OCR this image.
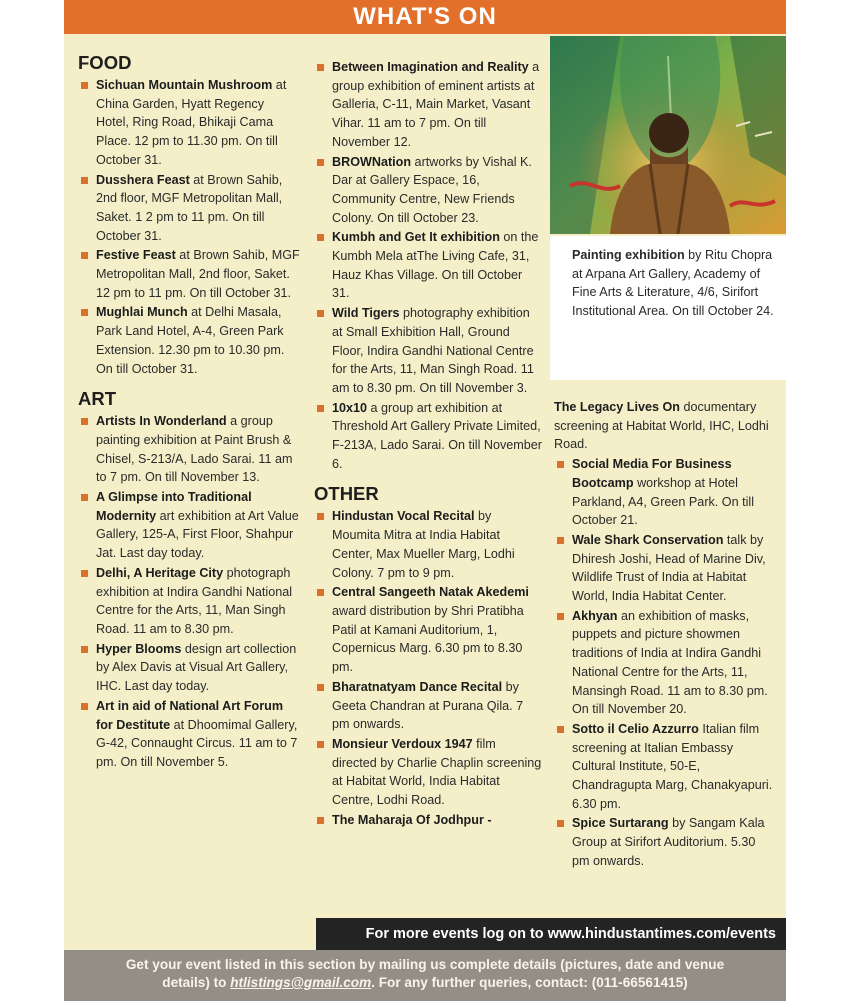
WHAT'S ON
FOOD
Sichuan Mountain Mushroom at China Garden, Hyatt Regency Hotel, Ring Road, Bhikaji Cama Place. 12 pm to 11.30 pm. On till October 31.
Dusshera Feast at Brown Sahib, 2nd floor, MGF Metropolitan Mall, Saket. 1 2 pm to 11 pm. On till October 31.
Festive Feast at Brown Sahib, MGF Metropolitan Mall, 2nd floor, Saket. 12 pm to 11 pm. On till October 31.
Mughlai Munch at Delhi Masala, Park Land Hotel, A-4, Green Park Extension. 12.30 pm to 10.30 pm. On till October 31.
ART
Artists In Wonderland a group painting exhibition at Paint Brush & Chisel, S-213/A, Lado Sarai. 11 am to 7 pm. On till November 13.
A Glimpse into Traditional Modernity art exhibition at Art Value Gallery, 125-A, First Floor, Shahpur Jat. Last day today.
Delhi, A Heritage City photograph exhibition at Indira Gandhi National Centre for the Arts, 11, Man Singh Road. 11 am to 8.30 pm.
Hyper Blooms design art collection by Alex Davis at Visual Art Gallery, IHC. Last day today.
Art in aid of National Art Forum for Destitute at Dhoomimal Gallery, G-42, Connaught Circus. 11 am to 7 pm. On till November 5.
Between Imagination and Reality a group exhibition of eminent artists at Galleria, C-11, Main Market, Vasant Vihar. 11 am to 7 pm. On till November 12.
BROWNation artworks by Vishal K. Dar at Gallery Espace, 16, Community Centre, New Friends Colony. On till October 23.
Kumbh and Get It exhibition on the Kumbh Mela atThe Living Cafe, 31, Hauz Khas Village. On till October 31.
Wild Tigers photography exhibition at Small Exhibition Hall, Ground Floor, Indira Gandhi National Centre for the Arts, 11, Man Singh Road. 11 am to 8.30 pm. On till November 3.
10x10 a group art exhibition at Threshold Art Gallery Private Limited, F-213A, Lado Sarai. On till November 6.
OTHER
Hindustan Vocal Recital by Moumita Mitra at India Habitat Center, Max Mueller Marg, Lodhi Colony. 7 pm to 9 pm.
Central Sangeeth Natak Akedemi award distribution by Shri Pratibha Patil at Kamani Auditorium, 1, Copernicus Marg. 6.30 pm to 8.30 pm.
Bharatnatyam Dance Recital by Geeta Chandran at Purana Qila. 7 pm onwards.
Monsieur Verdoux 1947 film directed by Charlie Chaplin screening at Habitat World, India Habitat Centre, Lodhi Road.
The Maharaja Of Jodhpur -
Painting exhibition by Ritu Chopra at Arpana Art Gallery, Academy of Fine Arts & Literature, 4/6, Sirifort Institutional Area. On till October 24.
The Legacy Lives On documentary screening at Habitat World, IHC, Lodhi Road.
Social Media For Business Bootcamp workshop at Hotel Parkland, A4, Green Park. On till October 21.
Wale Shark Conservation talk by Dhiresh Joshi, Head of Marine Div, Wildlife Trust of India at Habitat World, India Habitat Center.
Akhyan an exhibition of masks, puppets and picture showmen traditions of India at Indira Gandhi National Centre for the Arts, 11, Mansingh Road. 11 am to 8.30 pm. On till November 20.
Sotto il Celio Azzurro Italian film screening at Italian Embassy Cultural Institute, 50-E, Chandragupta Marg, Chanakyapuri. 6.30 pm.
Spice Surtarang by Sangam Kala Group at Sirifort Auditorium. 5.30 pm onwards.
For more events log on to www.hindustantimes.com/events
Get your event listed in this section by mailing us complete details (pictures, date and venue
details) to htlistings@gmail.com. For any further queries, contact: (011-66561415)
